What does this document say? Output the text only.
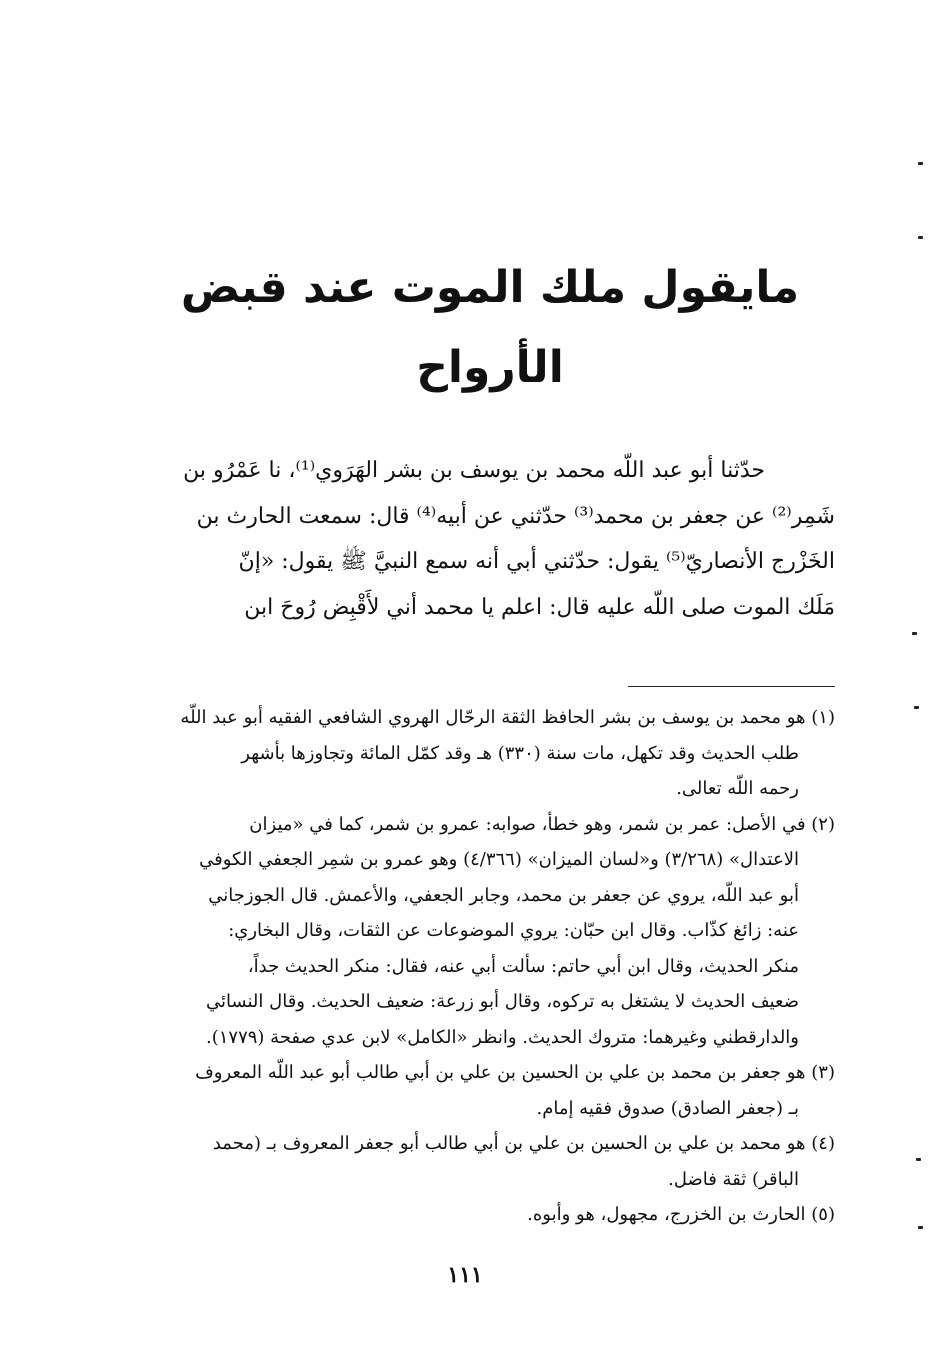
مايقول ملك الموت عند قبض الأرواح
حدّثنا أبو عبد اللّه محمد بن يوسف بن بشر الهَرَوي⁽¹⁾، نا عَمْرُو بن
شَمِر⁽²⁾ عن جعفر بن محمد⁽³⁾ حدّثني عن أبيه⁽⁴⁾ قال: سمعت الحارث بن
الخَزْرج الأنصاريّ⁽⁵⁾ يقول: حدّثني أبي أنه سمع النبيَّ ﷺ يقول: «إنّ
مَلَك الموت صلى اللّه عليه قال: اعلم يا محمد أني لأَقْبِض رُوحَ ابن
(١) هو محمد بن يوسف بن بشر الحافظ الثقة الرحّال الهروي الشافعي الفقيه أبو عبد اللّه
طلب الحديث وقد تكهل، مات سنة (٣٣٠) هـ وقد كمّل المائة وتجاوزها بأشهر
رحمه اللّه تعالى.
(٢) في الأصل: عمر بن شمر، وهو خطأ، صوابه: عمرو بن شمر، كما في «ميزان
الاعتدال» (٣/٢٦٨) و«لسان الميزان» (٤/٣٦٦) وهو عمرو بن شمِر الجعفي الكوفي
أبو عبد اللّه، يروي عن جعفر بن محمد، وجابر الجعفي، والأعمش. قال الجوزجاني
عنه: زائغ كذّاب. وقال ابن حبّان: يروي الموضوعات عن الثقات، وقال البخاري:
منكر الحديث، وقال ابن أبي حاتم: سألت أبي عنه، فقال: منكر الحديث جداً،
ضعيف الحديث لا يشتغل به تركوه، وقال أبو زرعة: ضعيف الحديث. وقال النسائي
والدارقطني وغيرهما: متروك الحديث. وانظر «الكامل» لابن عدي صفحة (١٧٧٩).
(٣) هو جعفر بن محمد بن علي بن الحسين بن علي بن أبي طالب أبو عبد اللّه المعروف
بـ (جعفر الصادق) صدوق فقيه إمام.
(٤) هو محمد بن علي بن الحسين بن علي بن أبي طالب أبو جعفر المعروف بـ (محمد
الباقر) ثقة فاضل.
(٥) الحارث بن الخزرج، مجهول، هو وأبوه.
١١١
